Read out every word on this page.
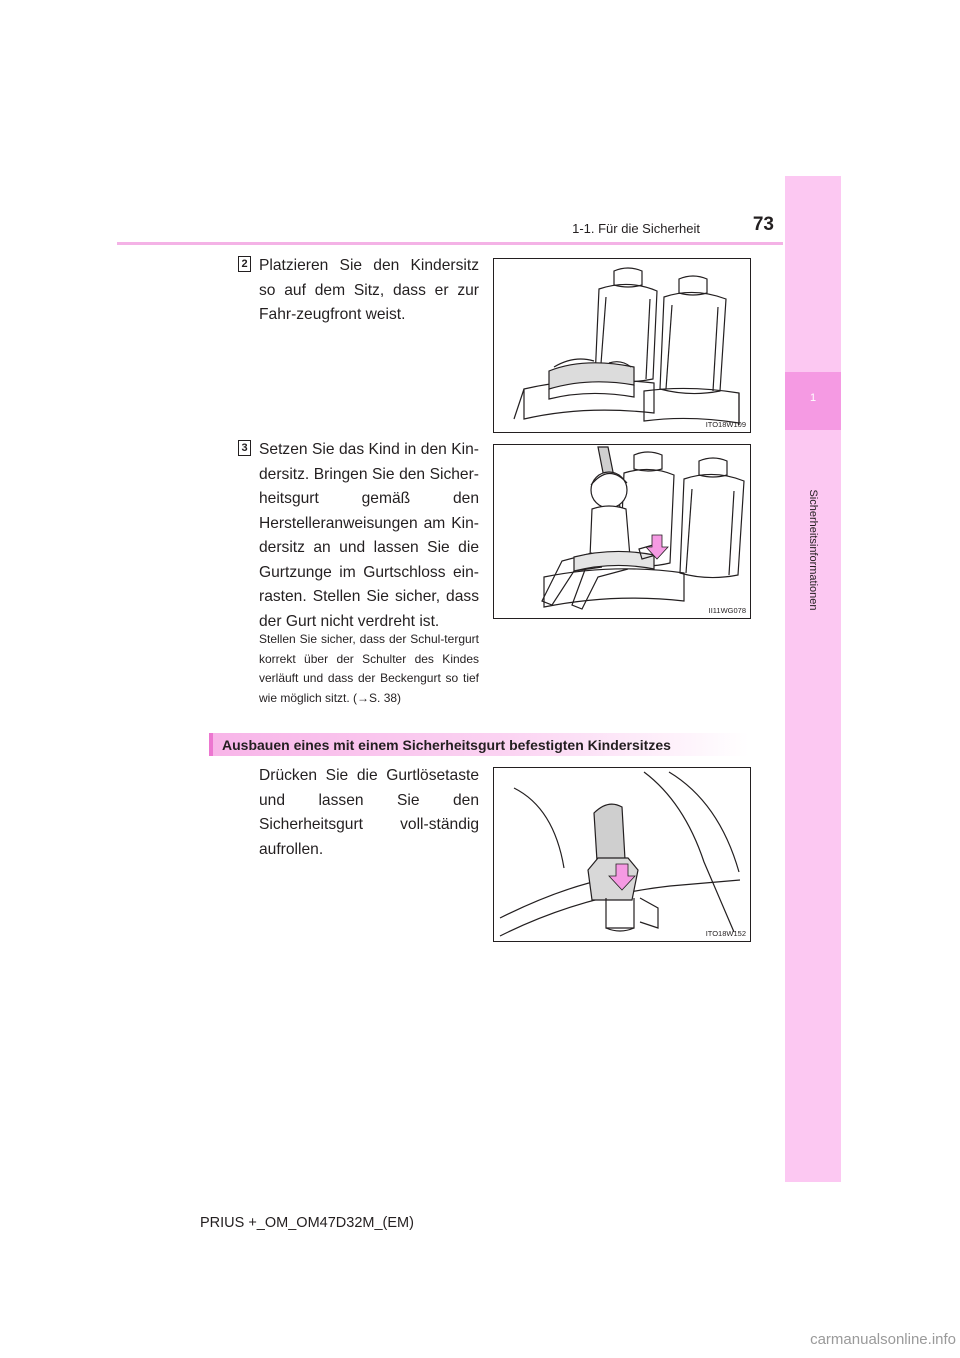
1-1. Für die Sicherheit	73
1
Sicherheitsinformationen
2 Platzieren Sie den Kindersitz so auf dem Sitz, dass er zur Fahr-zeugfront weist.
ITO18W109
3 Setzen Sie das Kind in den Kin-dersitz. Bringen Sie den Sicher-heitsgurt gemäß den Herstelleranweisungen am Kin-dersitz an und lassen Sie die Gurtzunge im Gurtschloss ein-rasten. Stellen Sie sicher, dass der Gurt nicht verdreht ist.
Stellen Sie sicher, dass der Schul-tergurt korrekt über der Schulter des Kindes verläuft und dass der Beckengurt so tief wie möglich sitzt. (→S. 38)
II11WG078
Ausbauen eines mit einem Sicherheitsgurt befestigten Kindersitzes
Drücken Sie die Gurtlösetaste und lassen Sie den Sicherheitsgurt voll-ständig aufrollen.
ITO18W152
PRIUS +_OM_OM47D32M_(EM)
carmanualsonline.info
